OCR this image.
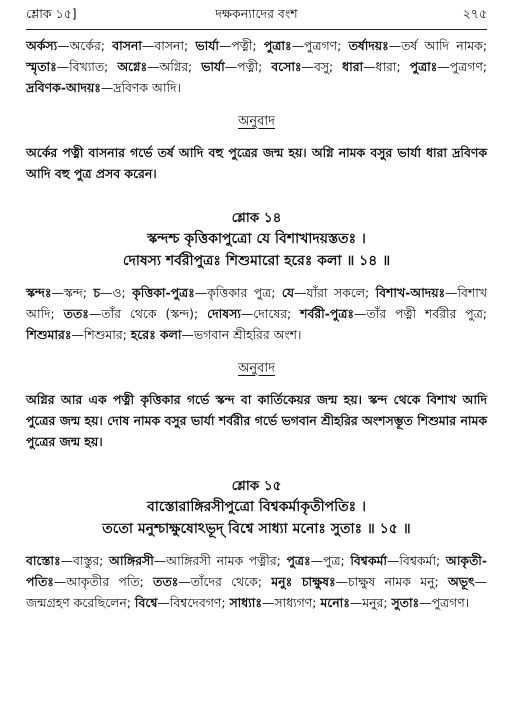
শ্লোক ১৫]	দক্ষকন্যাদের বংশ	২৭৫

অর্কস্য—অর্কের; বাসনা—বাসনা; ভার্যা—পত্নী; পুত্রাঃ—পুত্রগণ; তর্ষাদয়ঃ—তর্ষ আদি নামক; স্মৃতাঃ—বিখ্যাত; অগ্নেঃ—অগ্নির; ভার্যা—পত্নী; বসোঃ—বসু; ধারা—ধারা; পুত্রাঃ—পুত্রগণ; দ্রবিণক-আদয়ঃ—দ্রবিণক আদি।

অনুবাদ

অর্কের পত্নী বাসনার গর্ভে তর্ষ আদি বহু পুত্রের জন্ম হয়। অগ্নি নামক বসুর ভার্যা ধারা দ্রবিণক আদি বহু পুত্র প্রসব করেন।

শ্লোক ১৪

স্কন্দশ্চ কৃত্তিকাপুত্রো যে বিশাখাদয়স্ততঃ ।

দোষস্য শর্বরীপুত্রঃ শিশুমারো হরেঃ কলা ॥ ১৪ ॥

স্কন্দঃ—স্কন্দ; চ—ও; কৃত্তিকা-পুত্রঃ—কৃত্তিকার পুত্র; যে—যাঁরা সকলে; বিশাখ-আদয়ঃ—বিশাখ আদি; ততঃ—তাঁর থেকে (স্কন্দ); দোষস্য—দোষের; শর্বরী-পুত্রঃ—তাঁর পত্নী শর্বরীর পুত্র; শিশুমারঃ—শিশুমার; হরেঃ কলা—ভগবান শ্রীহরির অংশ।

অনুবাদ

অগ্নির আর এক পত্নী কৃত্তিকার গর্ভে স্কন্দ বা কার্তিকেয়র জন্ম হয়। স্কন্দ থেকে বিশাখ আদি পুত্রের জন্ম হয়। দোষ নামক বসুর ভার্যা শর্বরীর গর্ভে ভগবান শ্রীহরির অংশসম্ভূত শিশুমার নামক পুত্রের জন্ম হয়।

শ্লোক ১৫

বাস্তোরাঙ্গিরসীপুত্রো বিশ্বকর্মাকৃতীপতিঃ ।

ততো মনুশ্চাক্ষুষোঽভূদ্ বিশ্বে সাধ্যা মনোঃ সুতাঃ ॥ ১৫ ॥

বাস্তোঃ—বাস্তুর; আঙ্গিরসী—আঙ্গিরসী নামক পত্নীর; পুত্রঃ—পুত্র; বিশ্বকর্মা—বিশ্বকর্মা; আকৃতী-পতিঃ—আকৃতীর পতি; ততঃ—তাঁদের থেকে; মনুঃ চাক্ষুষঃ—চাক্ষুষ নামক মনু; অভূৎ—জন্মগ্রহণ করেছিলেন; বিশ্বে—বিশ্বদেবগণ; সাধ্যাঃ—সাধ্যগণ; মনোঃ—মনুর; সুতাঃ—পুত্রগণ।
